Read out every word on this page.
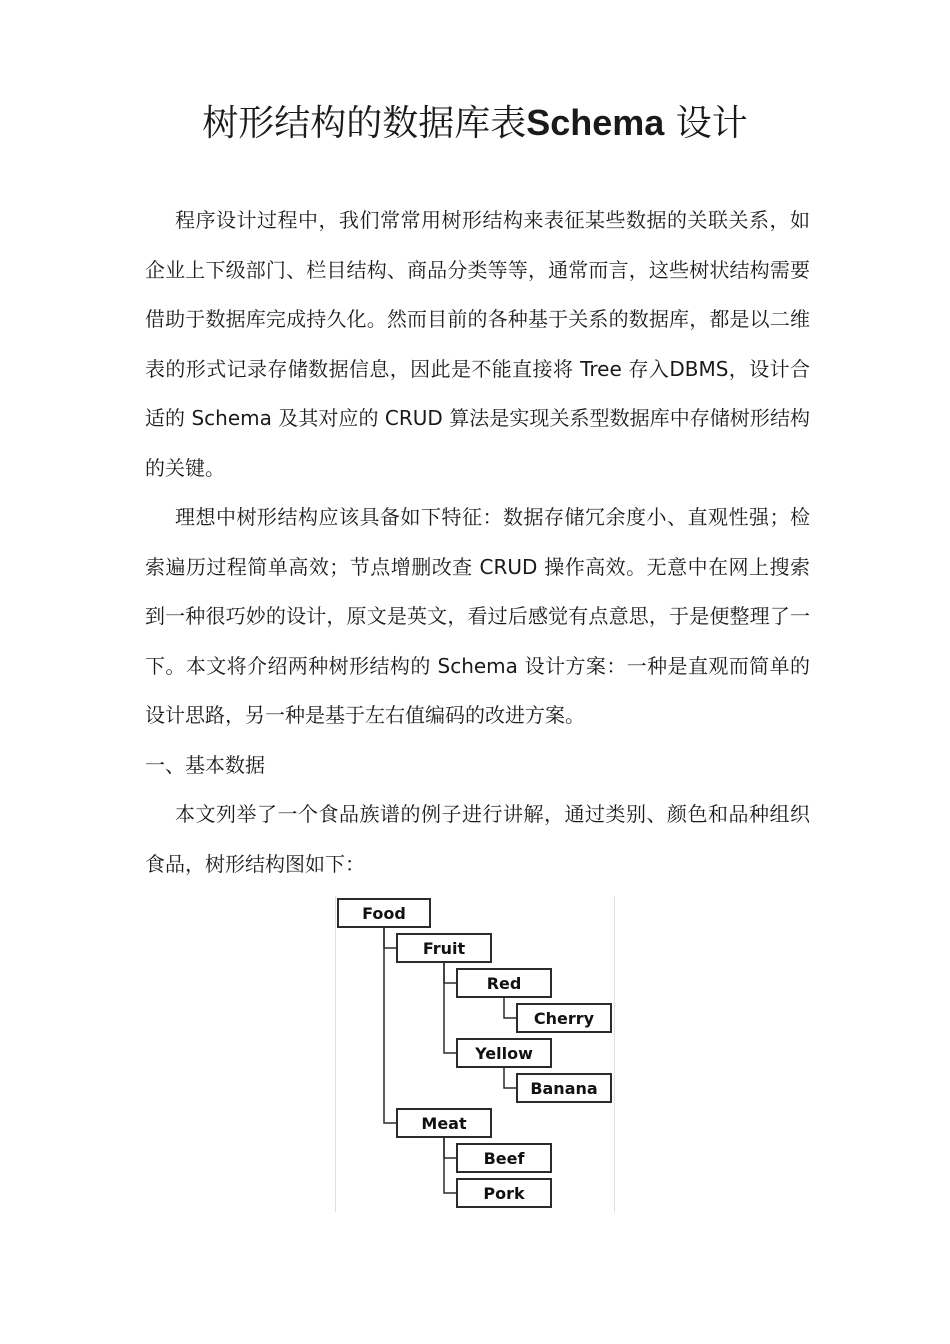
树形结构的数据库表Schema 设计

程序设计过程中，我们常常用树形结构来表征某些数据的关联关系，如企业上下级部门、栏目结构、商品分类等等，通常而言，这些树状结构需要借助于数据库完成持久化。然而目前的各种基于关系的数据库，都是以二维表的形式记录存储数据信息，因此是不能直接将 Tree 存入DBMS，设计合适的 Schema 及其对应的 CRUD 算法是实现关系型数据库中存储树形结构的关键。

理想中树形结构应该具备如下特征：数据存储冗余度小、直观性强；检索遍历过程简单高效；节点增删改查 CRUD 操作高效。无意中在网上搜索到一种很巧妙的设计，原文是英文，看过后感觉有点意思，于是便整理了一下。本文将介绍两种树形结构的 Schema 设计方案：一种是直观而简单的设计思路，另一种是基于左右值编码的改进方案。

一、基本数据

本文列举了一个食品族谱的例子进行讲解，通过类别、颜色和品种组织食品，树形结构图如下：

Food
Fruit
Red
Cherry
Yellow
Banana
Meat
Beef
Pork
